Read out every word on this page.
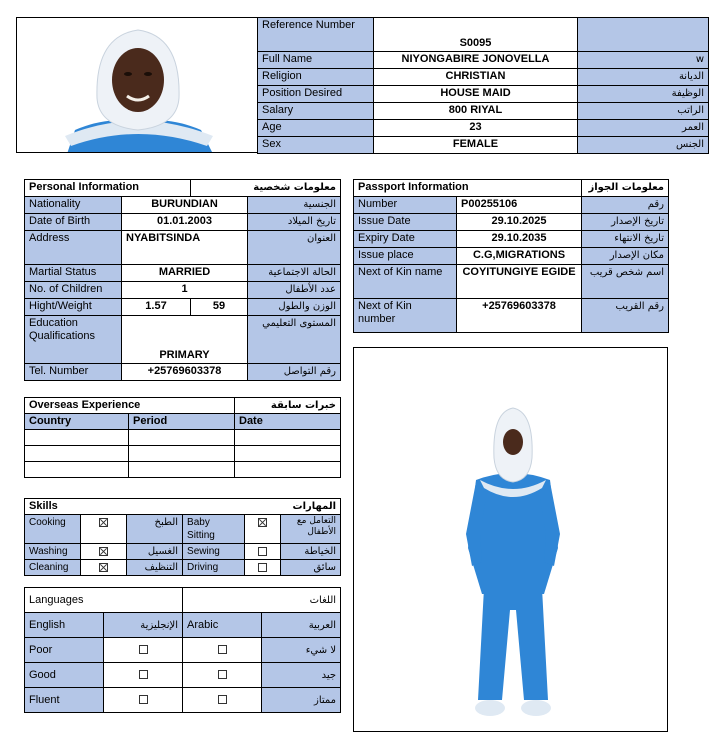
Reference Number	S0095	
Full Name	NIYONGABIRE JONOVELLA	w
Religion	CHRISTIAN	الديانة
Position Desired	HOUSE MAID	الوظيفة
Salary	800 RIYAL	الراتب
Age	23	العمر
Sex	FEMALE	الجنس
Personal Information		معلومات شخصية	
Nationality	BURUNDIAN		الجنسية
Date of Birth	01.01.2003		تاريخ الميلاد
Address	NYABITSINDA		العنوان
Martial Status	MARRIED		الحالة الاجتماعية
No. of Children	1		عدد الأطفال
Hight/Weight	1.57	59	الوزن والطول
Education Qualifications	PRIMARY		المستوى التعليمي
Tel. Number	+25769603378		رقم التواصل
Passport Information		معلومات الجواز
Number	P00255106	رقم
Issue Date	29.10.2025	تاريخ الإصدار
Expiry Date	29.10.2035	تاريخ الانتهاء
Issue place	C.G,MIGRATIONS	مكان الإصدار
Next of Kin name	COYITUNGIYE EGIDE	اسم شخص قريب
Next of Kin number	+25769603378	رقم القريب
Overseas Experience		خبرات سابقة
Country	Period	Date

Skills			المهارات		
Cooking		الطبخ	Baby Sitting		التعامل مع الأطفال
Washing		الغسيل	Sewing		الخياطة
Cleaning		التنظيف	Driving		سائق
Languages		اللغات	
English	الإنجليزية	Arabic	العربية
Poor			لا شيء
Good			جيد
Fluent			ممتاز
